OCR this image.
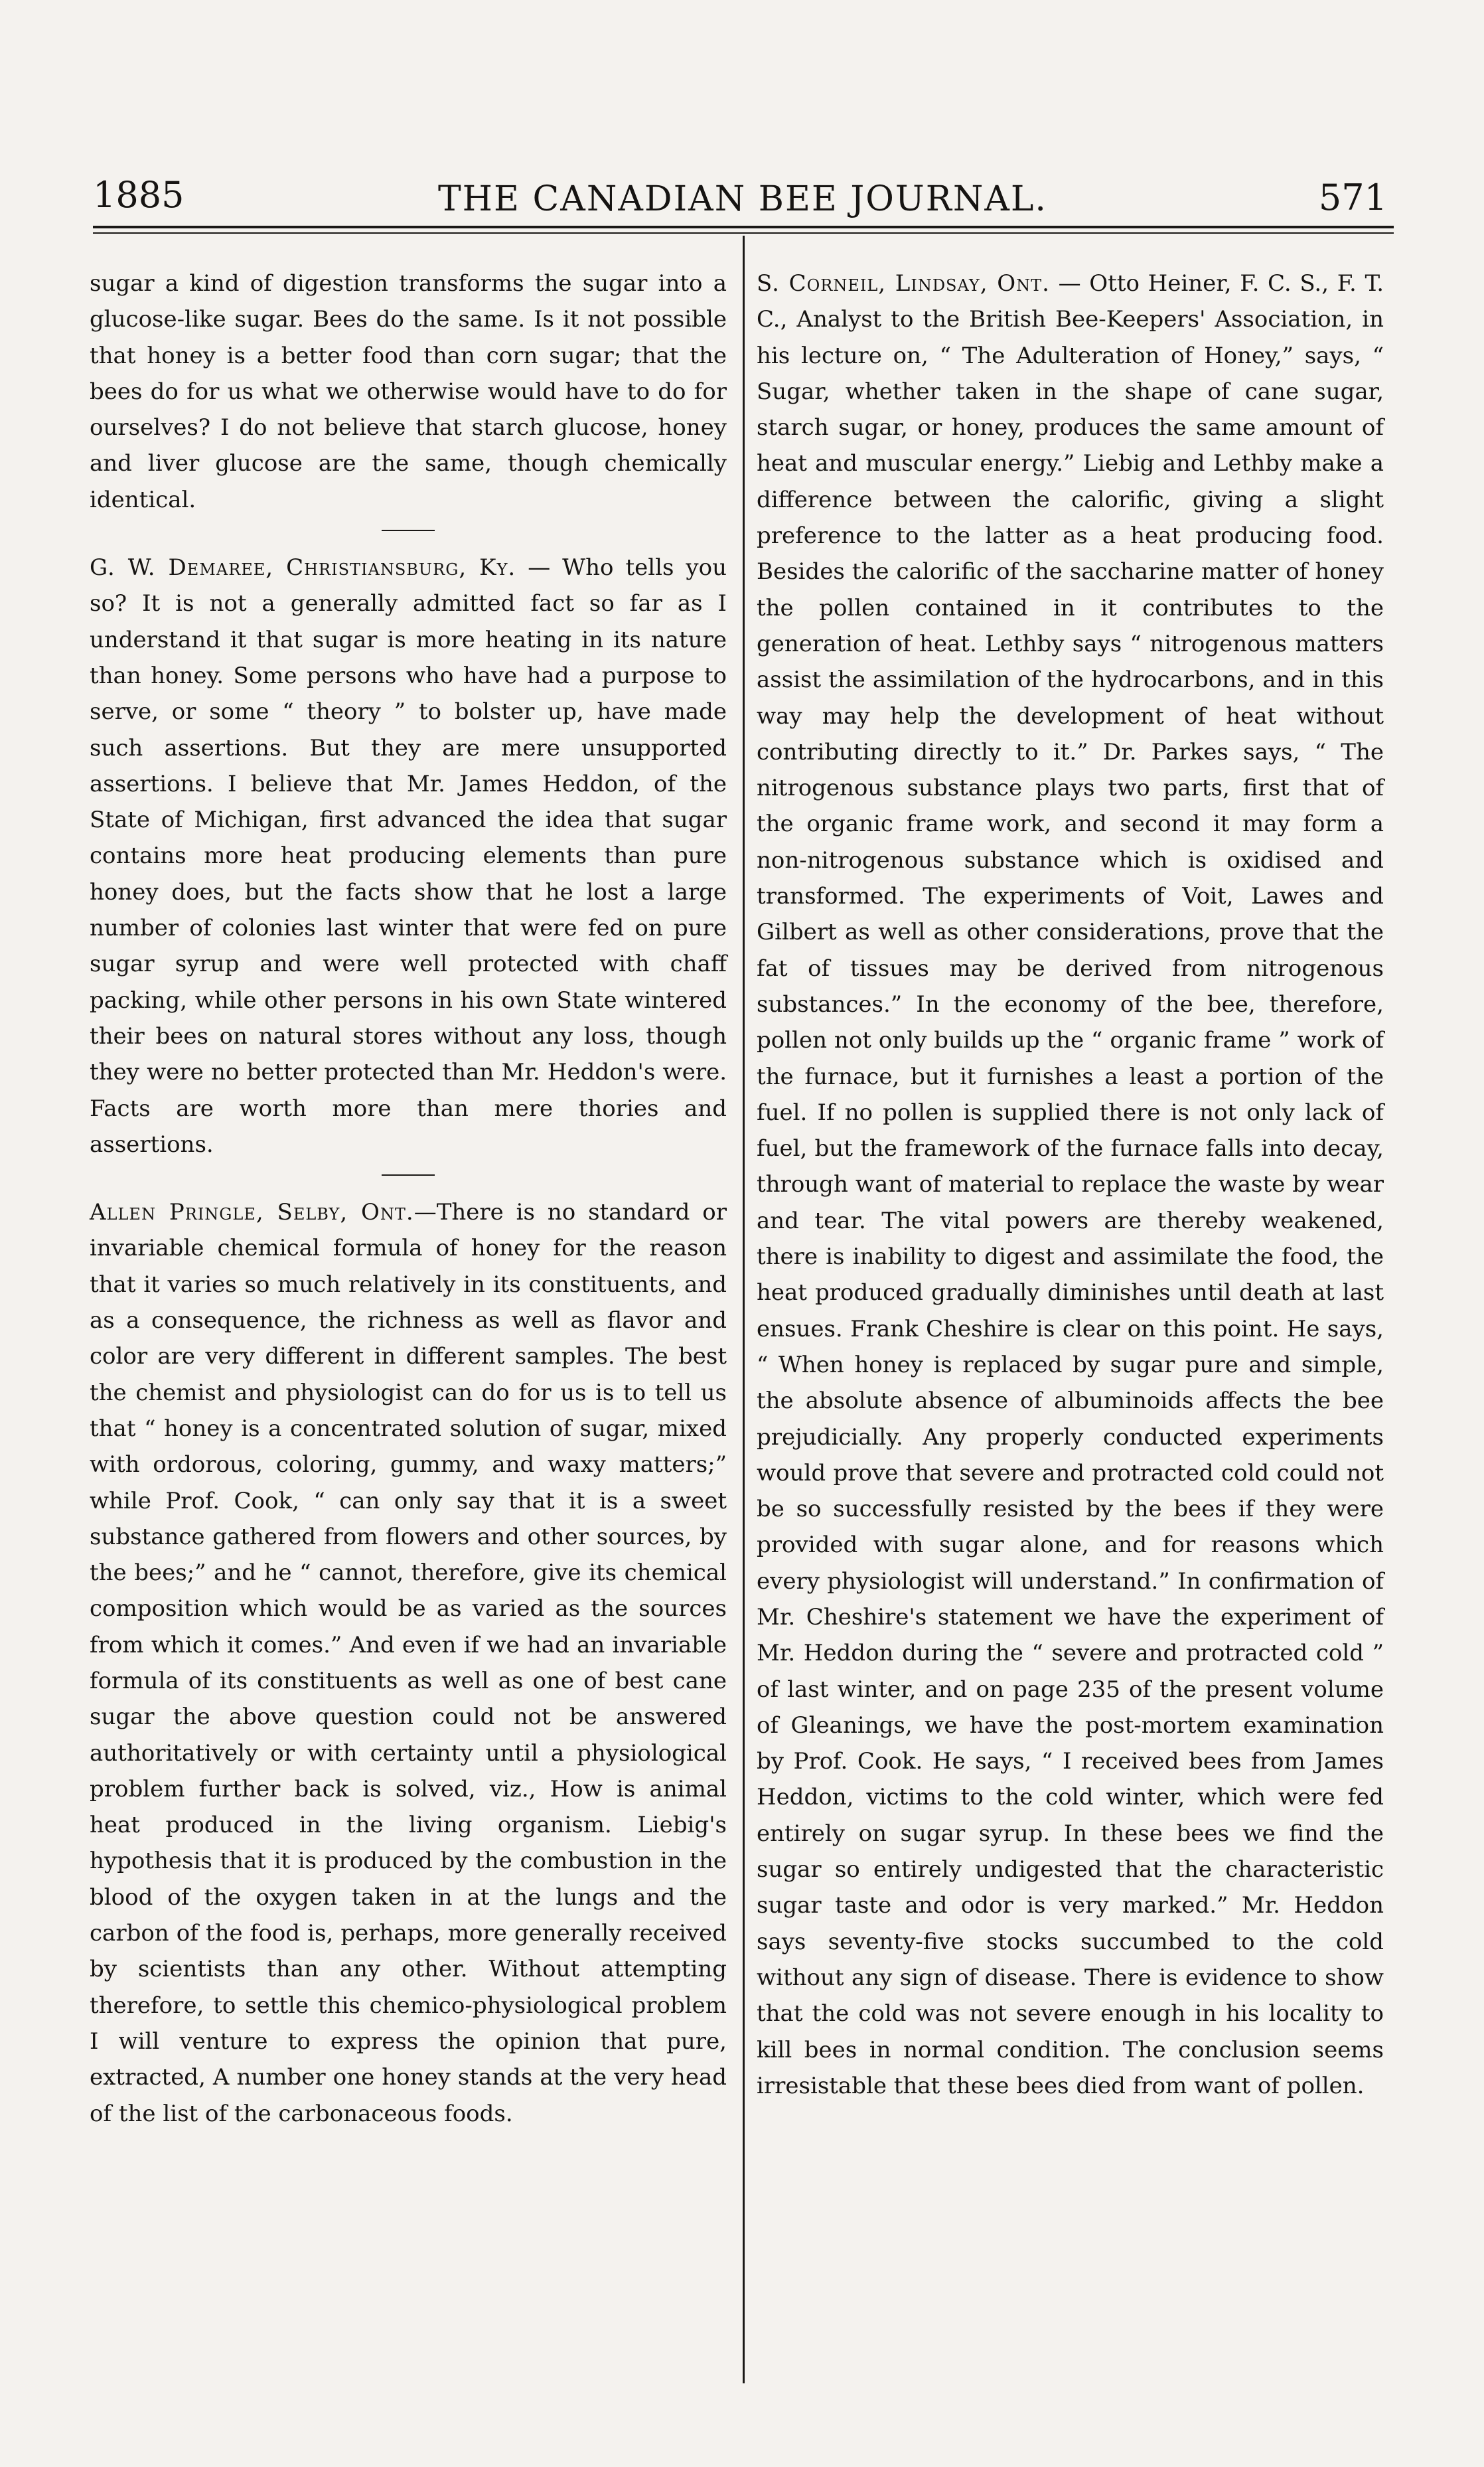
1885	THE CANADIAN BEE JOURNAL.	571

sugar a kind of digestion transforms the sugar into a glucose-like sugar. Bees do the same. Is it not possible that honey is a better food than corn sugar; that the bees do for us what we otherwise would have to do for ourselves? I do not believe that starch glucose, honey and liver glucose are the same, though chemically identical.

G. W. Demaree, Christiansburg, Ky. — Who tells you so? It is not a generally admitted fact so far as I understand it that sugar is more heating in its nature than honey. Some persons who have had a purpose to serve, or some “ theory ” to bolster up, have made such assertions. But they are mere unsupported assertions. I believe that Mr. James Heddon, of the State of Michigan, first advanced the idea that sugar contains more heat producing elements than pure honey does, but the facts show that he lost a large number of colonies last winter that were fed on pure sugar syrup and were well protected with chaff packing, while other persons in his own State wintered their bees on natural stores without any loss, though they were no better protected than Mr. Heddon's were. Facts are worth more than mere thories and assertions.

Allen Pringle, Selby, Ont.—There is no standard or invariable chemical formula of honey for the reason that it varies so much relatively in its constituents, and as a consequence, the richness as well as flavor and color are very different in different samples. The best the chemist and physiologist can do for us is to tell us that “ honey is a concentrated solution of sugar, mixed with ordorous, coloring, gummy, and waxy matters;” while Prof. Cook, “ can only say that it is a sweet substance gathered from flowers and other sources, by the bees;” and he “ cannot, therefore, give its chemical composition which would be as varied as the sources from which it comes.” And even if we had an invariable formula of its constituents as well as one of best cane sugar the above question could not be answered authoritatively or with certainty until a physiological problem further back is solved, viz., How is animal heat produced in the living organism. Liebig's hypothesis that it is produced by the combustion in the blood of the oxygen taken in at the lungs and the carbon of the food is, perhaps, more generally received by scientists than any other. Without attempting therefore, to settle this chemico-physiological problem I will venture to express the opinion that pure, extracted, A number one honey stands at the very head of the list of the carbonaceous foods.

S. Corneil, Lindsay, Ont. — Otto Heiner, F. C. S., F. T. C., Analyst to the British Bee-Keepers' Association, in his lecture on, “ The Adulteration of Honey,” says, “ Sugar, whether taken in the shape of cane sugar, starch sugar, or honey, produces the same amount of heat and muscular energy.” Liebig and Lethby make a difference between the calorific, giving a slight preference to the latter as a heat producing food. Besides the calorific of the saccharine matter of honey the pollen contained in it contributes to the generation of heat. Lethby says “ nitrogenous matters assist the assimilation of the hydrocarbons, and in this way may help the development of heat without contributing directly to it.” Dr. Parkes says, “ The nitrogenous substance plays two parts, first that of the organic frame work, and second it may form a non-nitrogenous substance which is oxidised and transformed. The experiments of Voit, Lawes and Gilbert as well as other considerations, prove that the fat of tissues may be derived from nitrogenous substances.” In the economy of the bee, therefore, pollen not only builds up the “ organic frame ” work of the furnace, but it furnishes a least a portion of the fuel. If no pollen is supplied there is not only lack of fuel, but the framework of the furnace falls into decay, through want of material to replace the waste by wear and tear. The vital powers are thereby weakened, there is inability to digest and assimilate the food, the heat produced gradually diminishes until death at last ensues. Frank Cheshire is clear on this point. He says, “ When honey is replaced by sugar pure and simple, the absolute absence of albuminoids affects the bee prejudicially. Any properly conducted experiments would prove that severe and protracted cold could not be so successfully resisted by the bees if they were provided with sugar alone, and for reasons which every physiologist will understand.” In confirmation of Mr. Cheshire's statement we have the experiment of Mr. Heddon during the “ severe and protracted cold ” of last winter, and on page 235 of the present volume of Gleanings, we have the post-mortem examination by Prof. Cook. He says, “ I received bees from James Heddon, victims to the cold winter, which were fed entirely on sugar syrup. In these bees we find the sugar so entirely undigested that the characteristic sugar taste and odor is very marked.” Mr. Heddon says seventy-five stocks succumbed to the cold without any sign of disease. There is evidence to show that the cold was not severe enough in his locality to kill bees in normal condition. The conclusion seems irresistable that these bees died from want of pollen.
